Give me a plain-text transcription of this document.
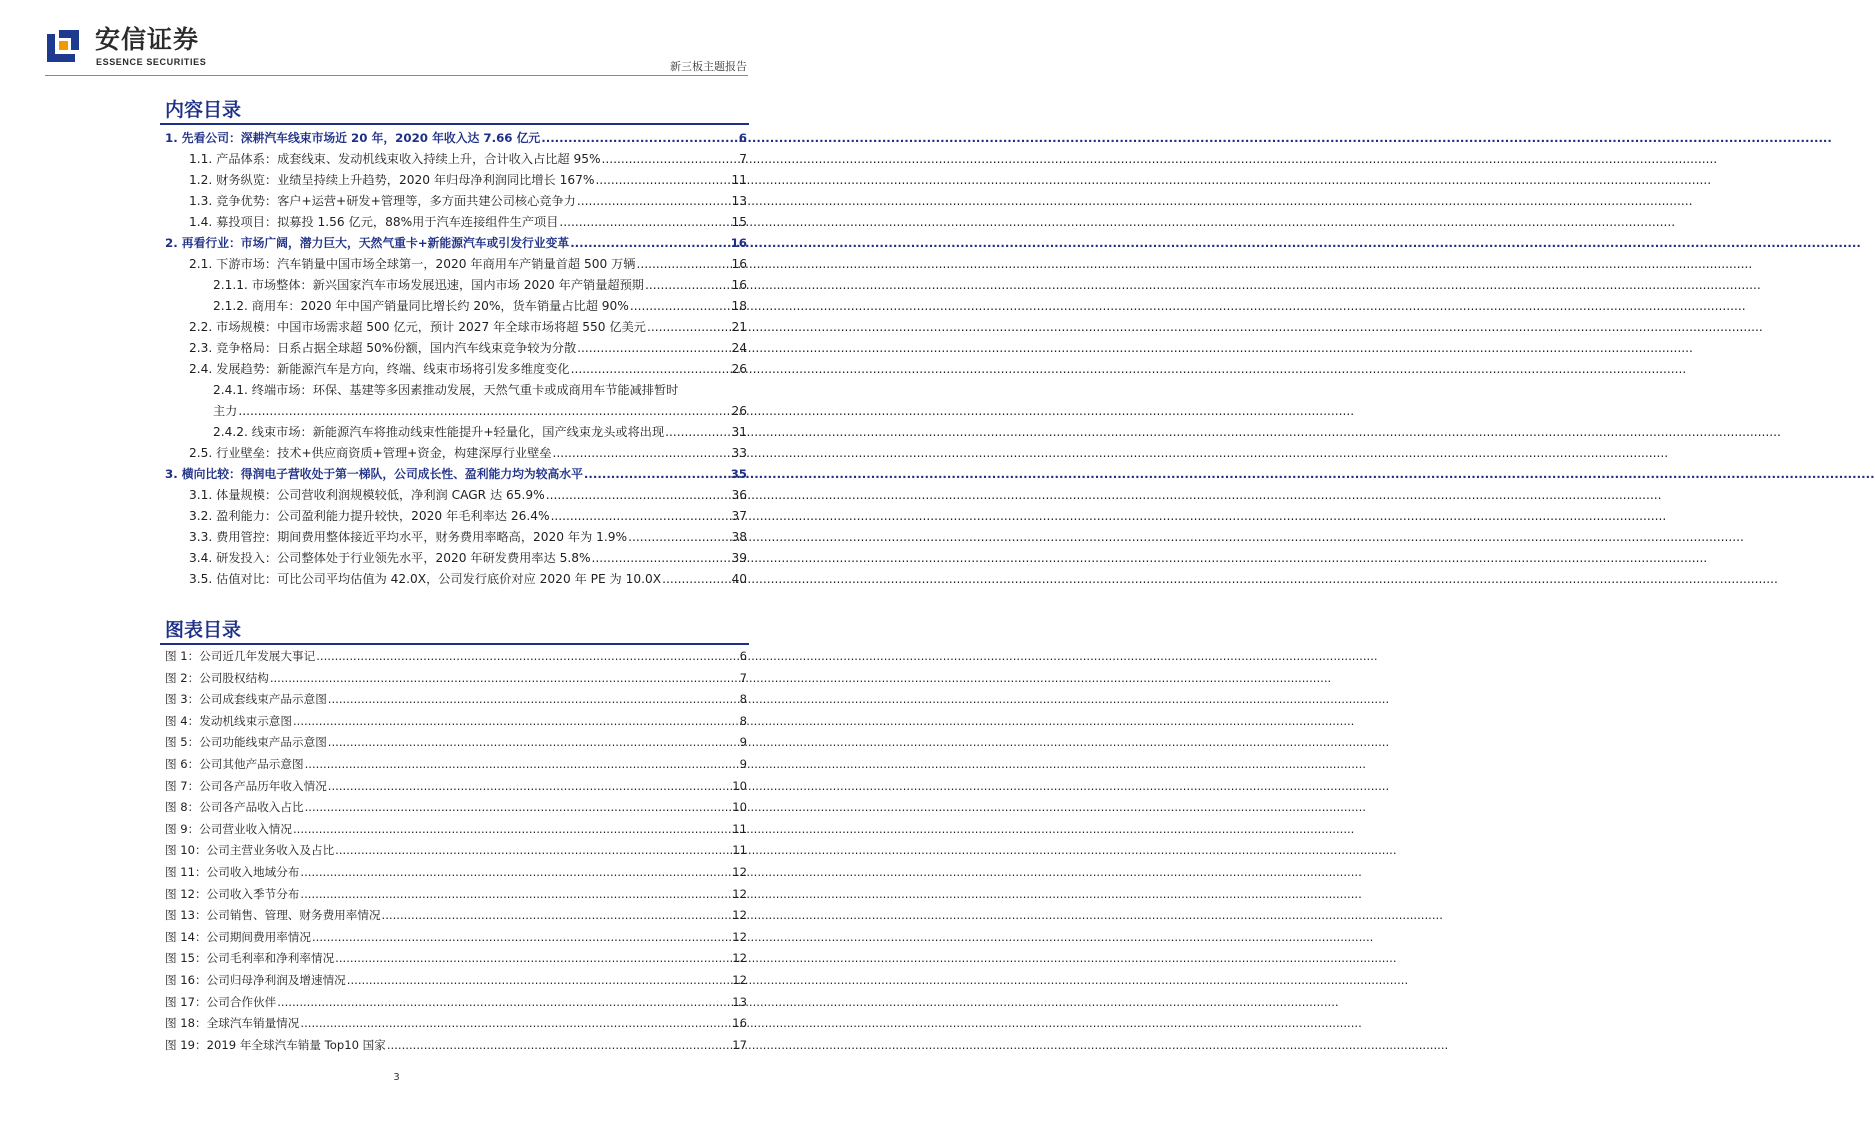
安信证券
ESSENCE SECURITIES	新三板主题报告
内容目录
1. 先看公司：深耕汽车线束市场近 20 年，2020 年收入达 7.66 亿元 .....	6
1.1. 产品体系：成套线束、发动机线束收入持续上升，合计收入占比超 95% .....	7
1.2. 财务纵览：业绩呈持续上升趋势，2020 年归母净利润同比增长 167% .....	11
1.3. 竞争优势：客户+运营+研发+管理等，多方面共建公司核心竞争力 .....	13
1.4. 募投项目：拟募投 1.56 亿元，88%用于汽车连接组件生产项目 .....	15
2. 再看行业：市场广阔，潜力巨大，天然气重卡+新能源汽车或引发行业变革 .....	16
2.1. 下游市场：汽车销量中国市场全球第一，2020 年商用车产销量首超 500 万辆 .....	16
2.1.1. 市场整体：新兴国家汽车市场发展迅速，国内市场 2020 年产销量超预期 .....	16
2.1.2. 商用车：2020 年中国产销量同比增长约 20%，货车销量占比超 90% .....	18
2.2. 市场规模：中国市场需求超 500 亿元，预计 2027 年全球市场将超 550 亿美元 .....	21
2.3. 竞争格局：日系占据全球超 50%份额，国内汽车线束竞争较为分散 .....	24
2.4. 发展趋势：新能源汽车是方向，终端、线束市场将引发多维度变化 .....	26
2.4.1. 终端市场：环保、基建等多因素推动发展，天然气重卡或成商用车节能减排暂时
主力 .....	26
2.4.2. 线束市场：新能源汽车将推动线束性能提升+轻量化，国产线束龙头或将出现 .....	31
2.5. 行业壁垒：技术+供应商资质+管理+资金，构建深厚行业壁垒 .....	33
3. 横向比较：得润电子营收处于第一梯队，公司成长性、盈利能力均为较高水平 .....	35
3.1. 体量规模：公司营收利润规模较低，净利润 CAGR 达 65.9% .....	36
3.2. 盈利能力：公司盈利能力提升较快，2020 年毛利率达 26.4% .....	37
3.3. 费用管控：期间费用整体接近平均水平，财务费用率略高，2020 年为 1.9% .....	38
3.4. 研发投入：公司整体处于行业领先水平，2020 年研发费用率达 5.8% .....	39
3.5. 估值对比：可比公司平均估值为 42.0X，公司发行底价对应 2020 年 PE 为 10.0X .....	40
图表目录
图 1：公司近几年发展大事记 .....	6
图 2：公司股权结构 .....	7
图 3：公司成套线束产品示意图 .....	8
图 4：发动机线束示意图 .....	8
图 5：公司功能线束产品示意图 .....	9
图 6：公司其他产品示意图 .....	9
图 7：公司各产品历年收入情况 .....	10
图 8：公司各产品收入占比 .....	10
图 9：公司营业收入情况 .....	11
图 10：公司主营业务收入及占比 .....	11
图 11：公司收入地域分布 .....	12
图 12：公司收入季节分布 .....	12
图 13：公司销售、管理、财务费用率情况 .....	12
图 14：公司期间费用率情况 .....	12
图 15：公司毛利率和净利率情况 .....	12
图 16：公司归母净利润及增速情况 .....	12
图 17：公司合作伙伴 .....	13
图 18：全球汽车销量情况 .....	16
图 19：2019 年全球汽车销量 Top10 国家 .....	17
3
